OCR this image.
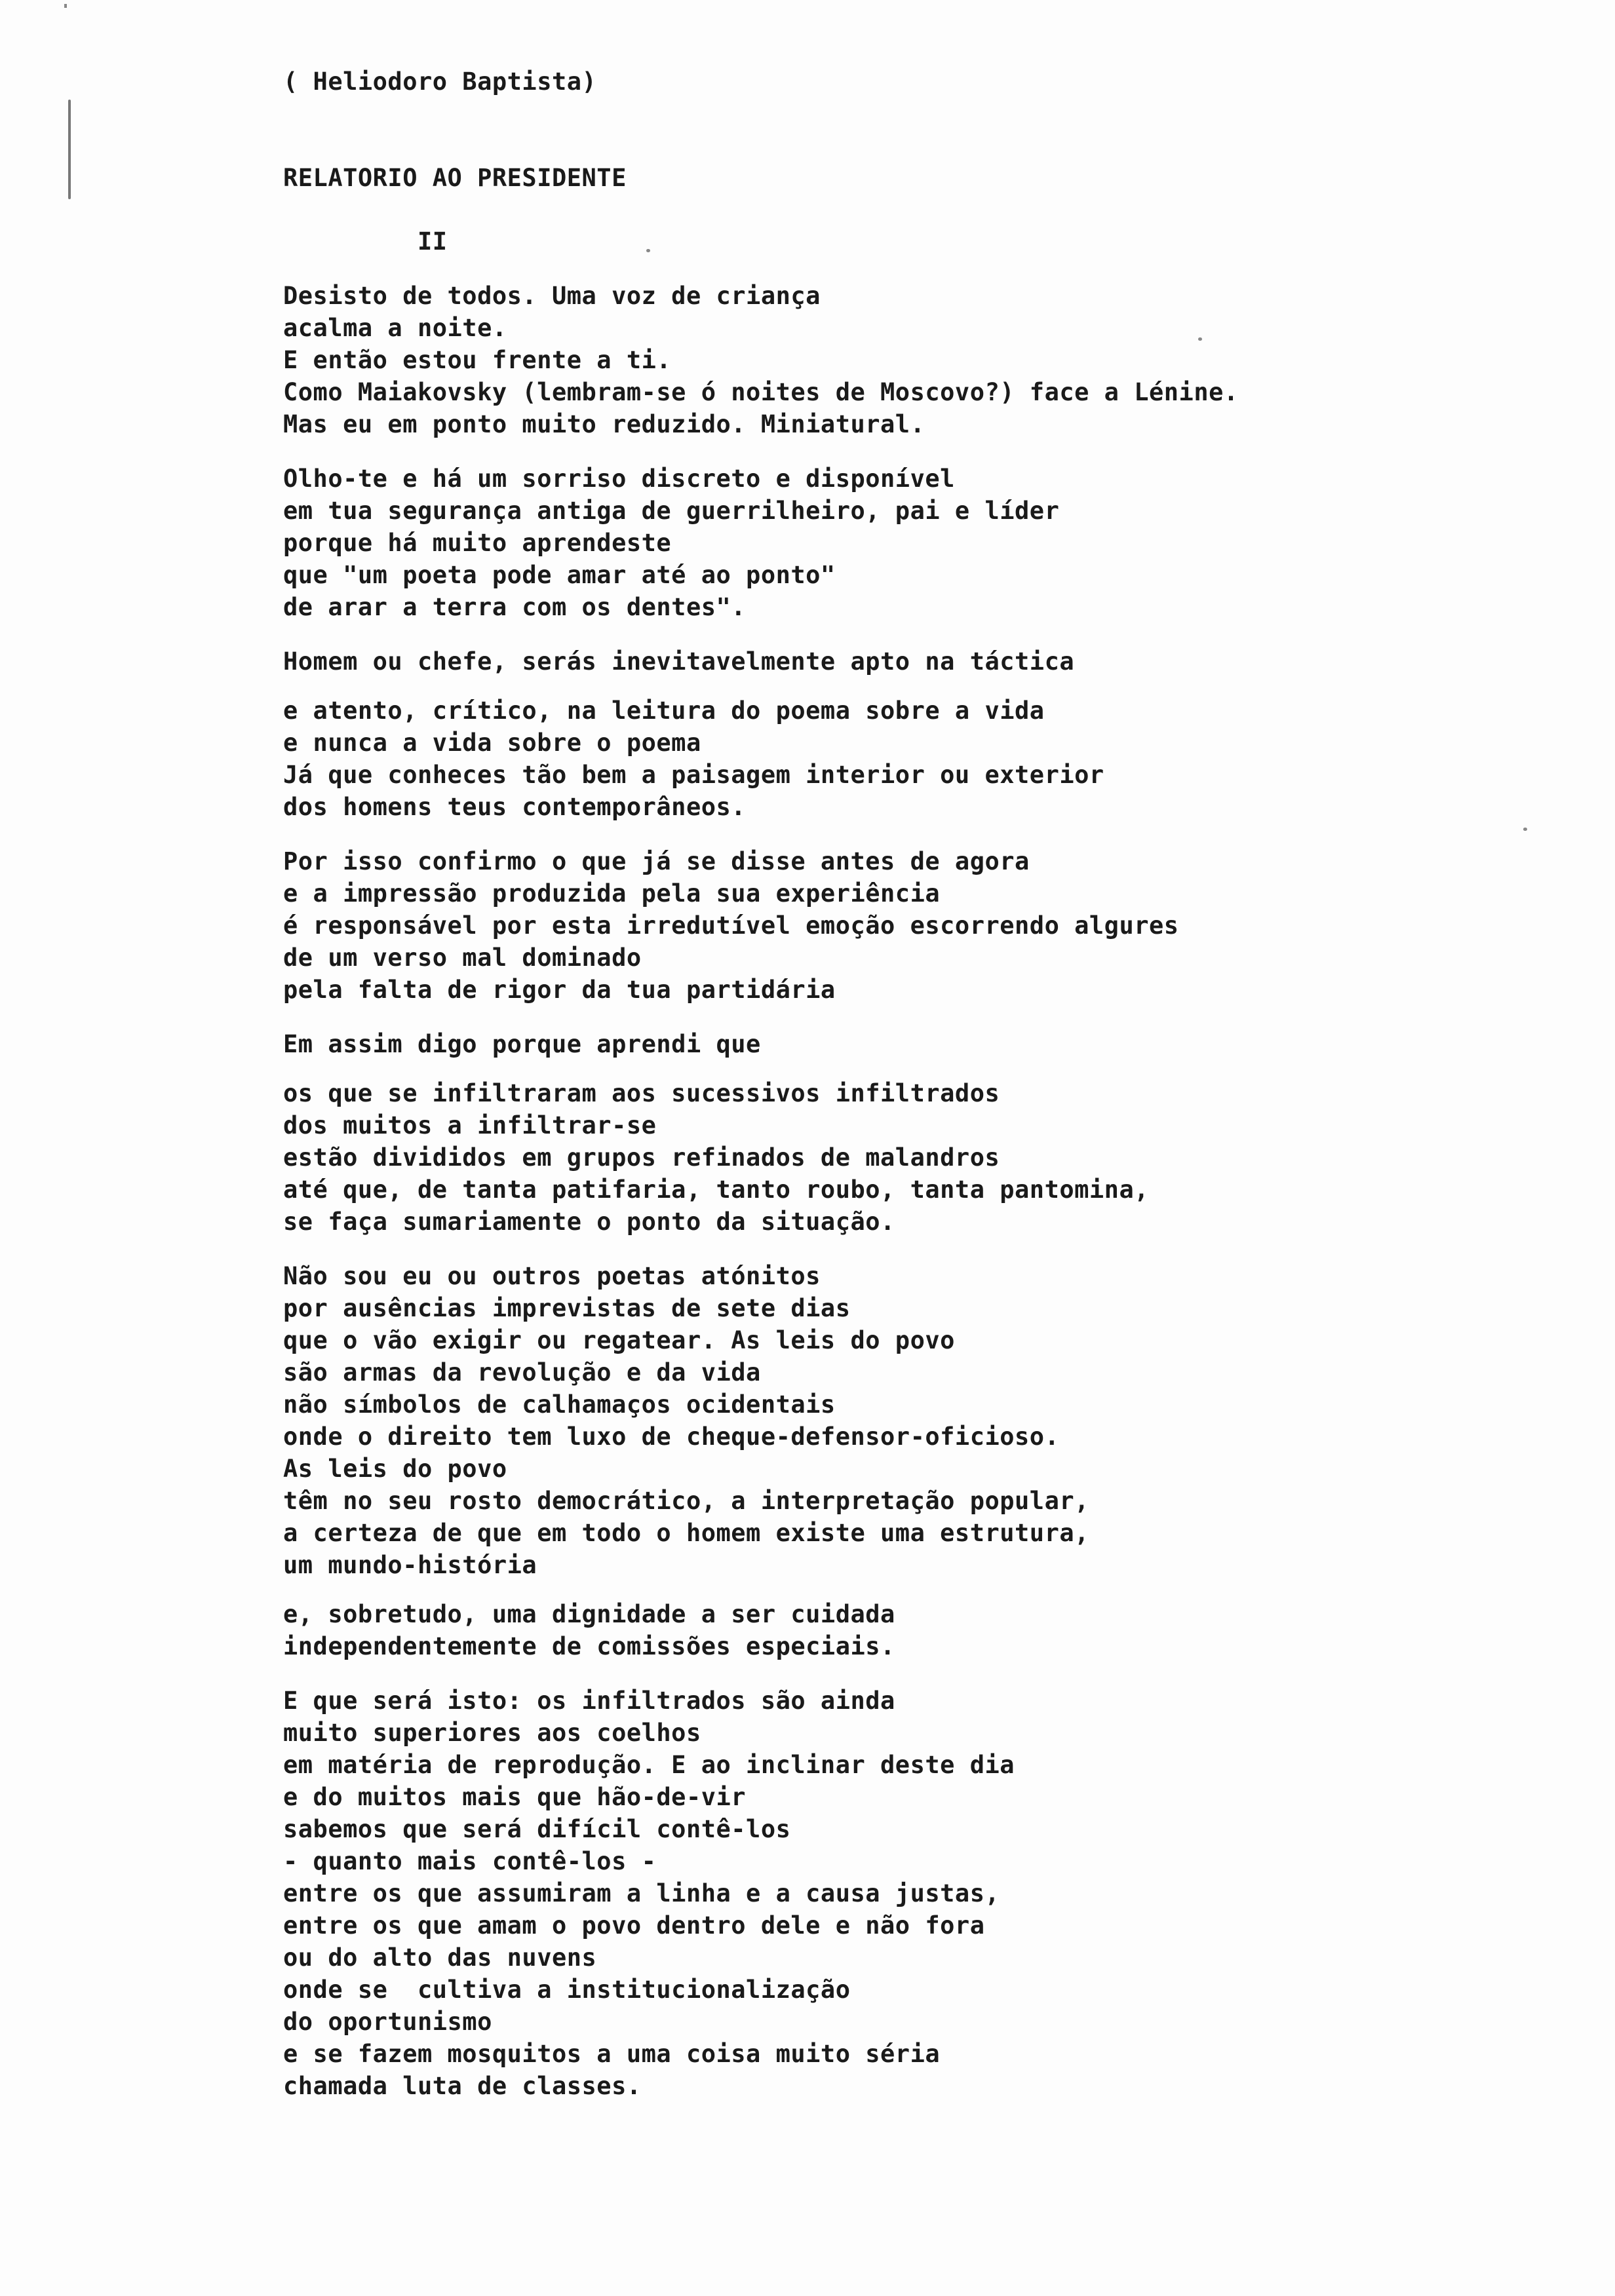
( Heliodoro Baptista)
RELATORIO AO PRESIDENTE
II
Desisto de todos. Uma voz de criança
acalma a noite.
E então estou frente a ti.
Como Maiakovsky (lembram-se ó noites de Moscovo?) face a Lénine.
Mas eu em ponto muito reduzido. Miniatural.
Olho-te e há um sorriso discreto e disponível
em tua segurança antiga de guerrilheiro, pai e líder
porque há muito aprendeste
que "um poeta pode amar até ao ponto"
de arar a terra com os dentes".
Homem ou chefe, serás inevitavelmente apto na táctica
e atento, crítico, na leitura do poema sobre a vida
e nunca a vida sobre o poema
Já que conheces tão bem a paisagem interior ou exterior
dos homens teus contemporâneos.
Por isso confirmo o que já se disse antes de agora
e a impressão produzida pela sua experiência
é responsável por esta irredutível emoção escorrendo algures
de um verso mal dominado
pela falta de rigor da tua partidária
Em assim digo porque aprendi que
os que se infiltraram aos sucessivos infiltrados
dos muitos a infiltrar-se
estão divididos em grupos refinados de malandros
até que, de tanta patifaria, tanto roubo, tanta pantomina,
se faça sumariamente o ponto da situação.
Não sou eu ou outros poetas atónitos
por ausências imprevistas de sete dias
que o vão exigir ou regatear. As leis do povo
são armas da revolução e da vida
não símbolos de calhamaços ocidentais
onde o direito tem luxo de cheque-defensor-oficioso.
As leis do povo
têm no seu rosto democrático, a interpretação popular,
a certeza de que em todo o homem existe uma estrutura,
um mundo-história
e, sobretudo, uma dignidade a ser cuidada
independentemente de comissões especiais.
E que será isto: os infiltrados são ainda
muito superiores aos coelhos
em matéria de reprodução. E ao inclinar deste dia
e do muitos mais que hão-de-vir
sabemos que será difícil contê-los
- quanto mais contê-los -
entre os que assumiram a linha e a causa justas,
entre os que amam o povo dentro dele e não fora
ou do alto das nuvens
onde se  cultiva a institucionalização
do oportunismo
e se fazem mosquitos a uma coisa muito séria
chamada luta de classes.
